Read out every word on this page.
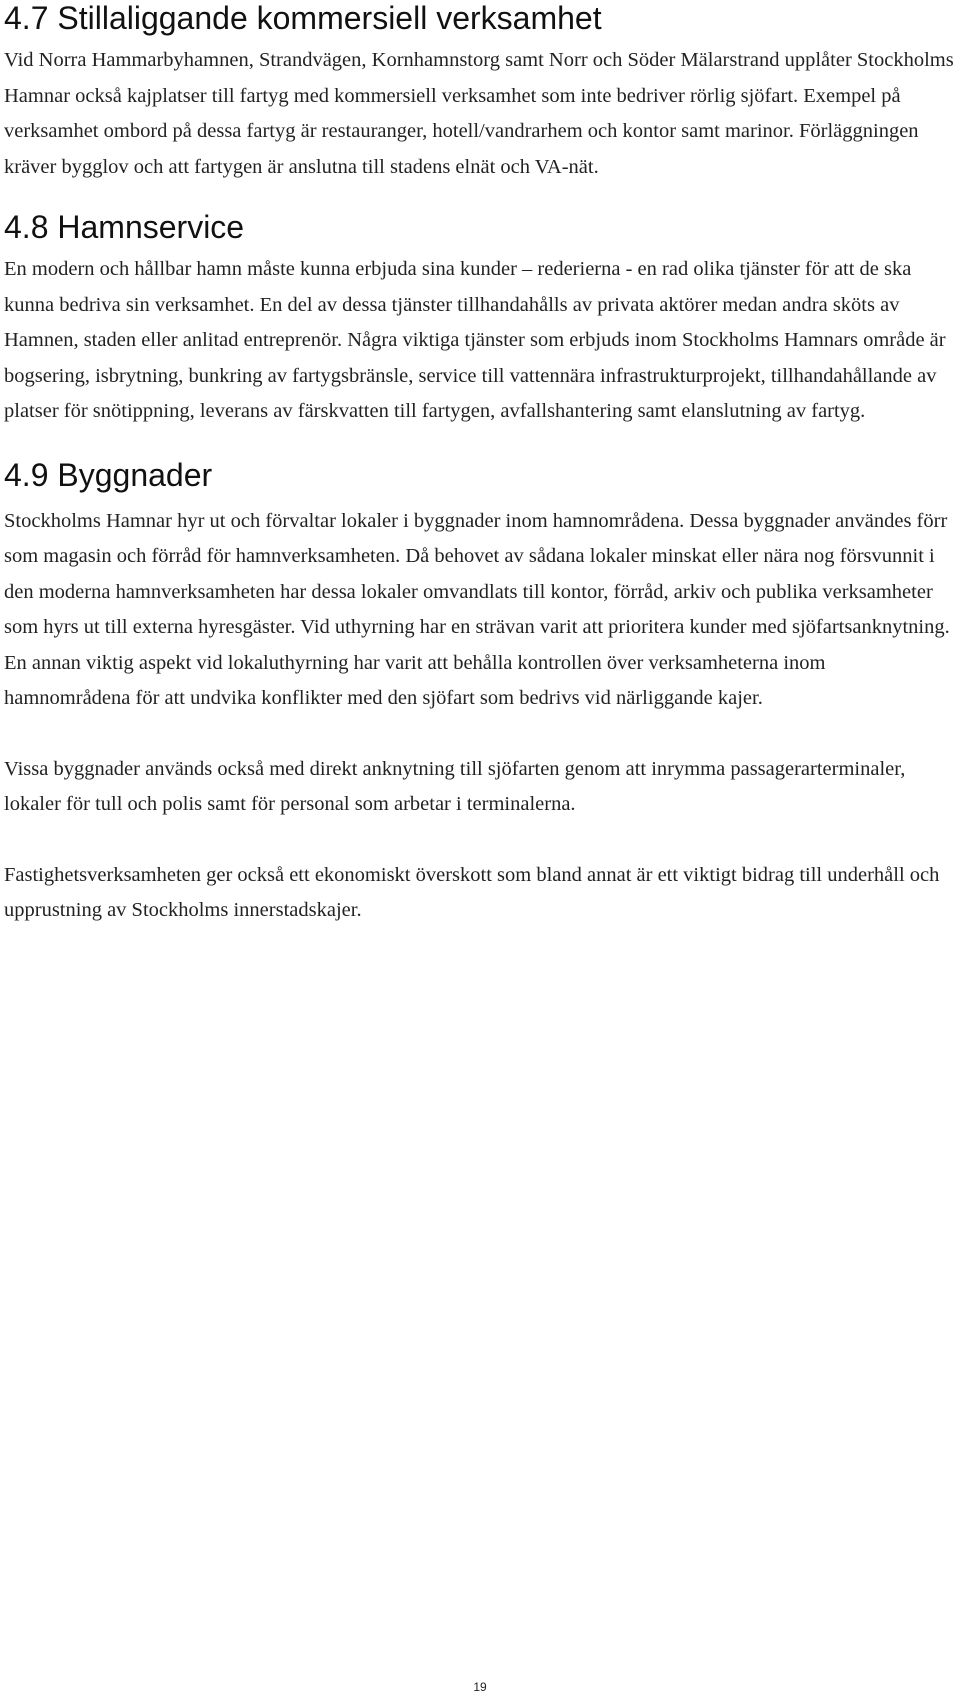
4.7 Stillaliggande kommersiell verksamhet

Vid Norra Hammarbyhamnen, Strandvägen, Kornhamnstorg samt Norr och Söder Mälarstrand upplåter Stockholms Hamnar också kajplatser till fartyg med kommersiell verksamhet som inte bedriver rörlig sjöfart. Exempel på verksamhet ombord på dessa fartyg är restauranger, hotell/vandrarhem och kontor samt marinor. Förläggningen kräver bygglov och att fartygen är anslutna till stadens elnät och VA-nät.

4.8 Hamnservice

En modern och hållbar hamn måste kunna erbjuda sina kunder – rederierna - en rad olika tjänster för att de ska kunna bedriva sin verksamhet. En del av dessa tjänster tillhandahålls av privata aktörer medan andra sköts av Hamnen, staden eller anlitad entreprenör. Några viktiga tjänster som erbjuds inom Stockholms Hamnars område är bogsering, isbrytning, bunkring av fartygsbränsle, service till vattennära infrastrukturprojekt, tillhandahållande av platser för snötippning, leverans av färskvatten till fartygen, avfallshantering samt elanslutning av fartyg.

4.9 Byggnader

Stockholms Hamnar hyr ut och förvaltar lokaler i byggnader inom hamnområdena. Dessa byggnader användes förr som magasin och förråd för hamnverksamheten. Då behovet av sådana lokaler minskat eller nära nog försvunnit i den moderna hamnverksamheten har dessa lokaler omvandlats till kontor, förråd, arkiv och publika verksamheter som hyrs ut till externa hyresgäster. Vid uthyrning har en strävan varit att prioritera kunder med sjöfartsanknytning. En annan viktig aspekt vid lokaluthyrning har varit att behålla kontrollen över verksamheterna inom hamnområdena för att undvika konflikter med den sjöfart som bedrivs vid närliggande kajer.

Vissa byggnader används också med direkt anknytning till sjöfarten genom att inrymma passagerarterminaler, lokaler för tull och polis samt för personal som arbetar i terminalerna.

Fastighetsverksamheten ger också ett ekonomiskt överskott som bland annat är ett viktigt bidrag till underhåll och upprustning av Stockholms innerstadskajer.

19
